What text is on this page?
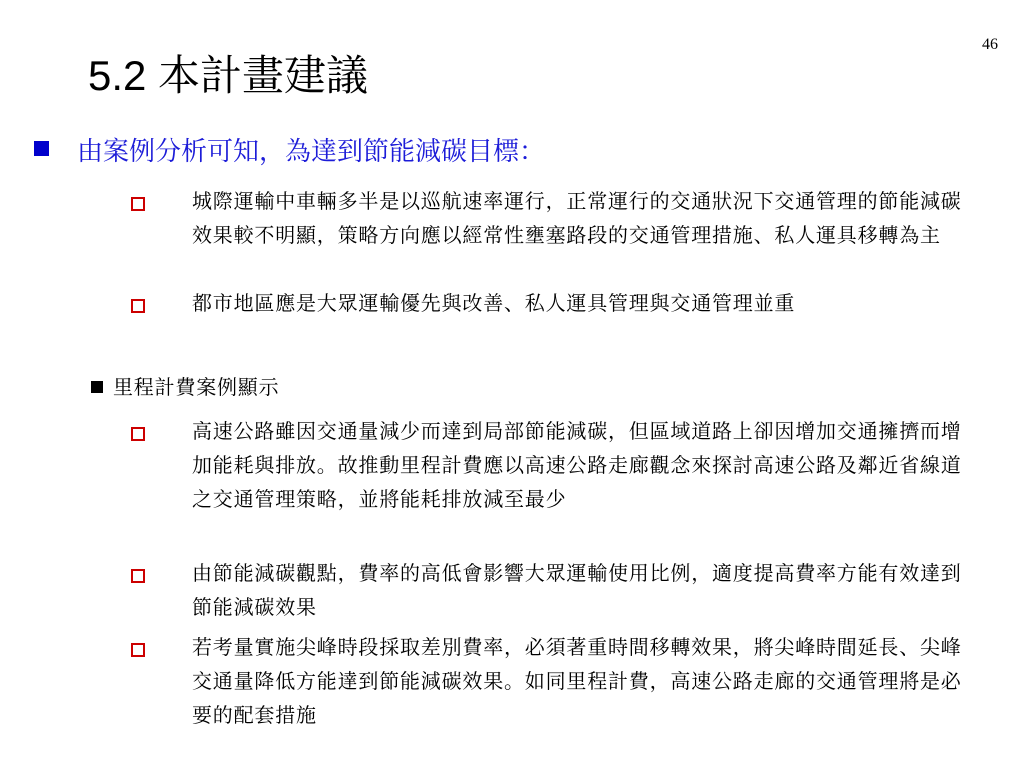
46
5.2 本計畫建議
由案例分析可知，為達到節能減碳目標：
城際運輸中車輛多半是以巡航速率運行，正常運行的交通狀況下交通管理的節能減碳效果較不明顯，策略方向應以經常性壅塞路段的交通管理措施、私人運具移轉為主
都市地區應是大眾運輸優先與改善、私人運具管理與交通管理並重
里程計費案例顯示
高速公路雖因交通量減少而達到局部節能減碳，但區域道路上卻因增加交通擁擠而增加能耗與排放。故推動里程計費應以高速公路走廊觀念來探討高速公路及鄰近省線道之交通管理策略，並將能耗排放減至最少
由節能減碳觀點，費率的高低會影響大眾運輸使用比例，適度提高費率方能有效達到節能減碳效果
若考量實施尖峰時段採取差別費率，必須著重時間移轉效果，將尖峰時間延長、尖峰交通量降低方能達到節能減碳效果。如同里程計費，高速公路走廊的交通管理將是必要的配套措施
